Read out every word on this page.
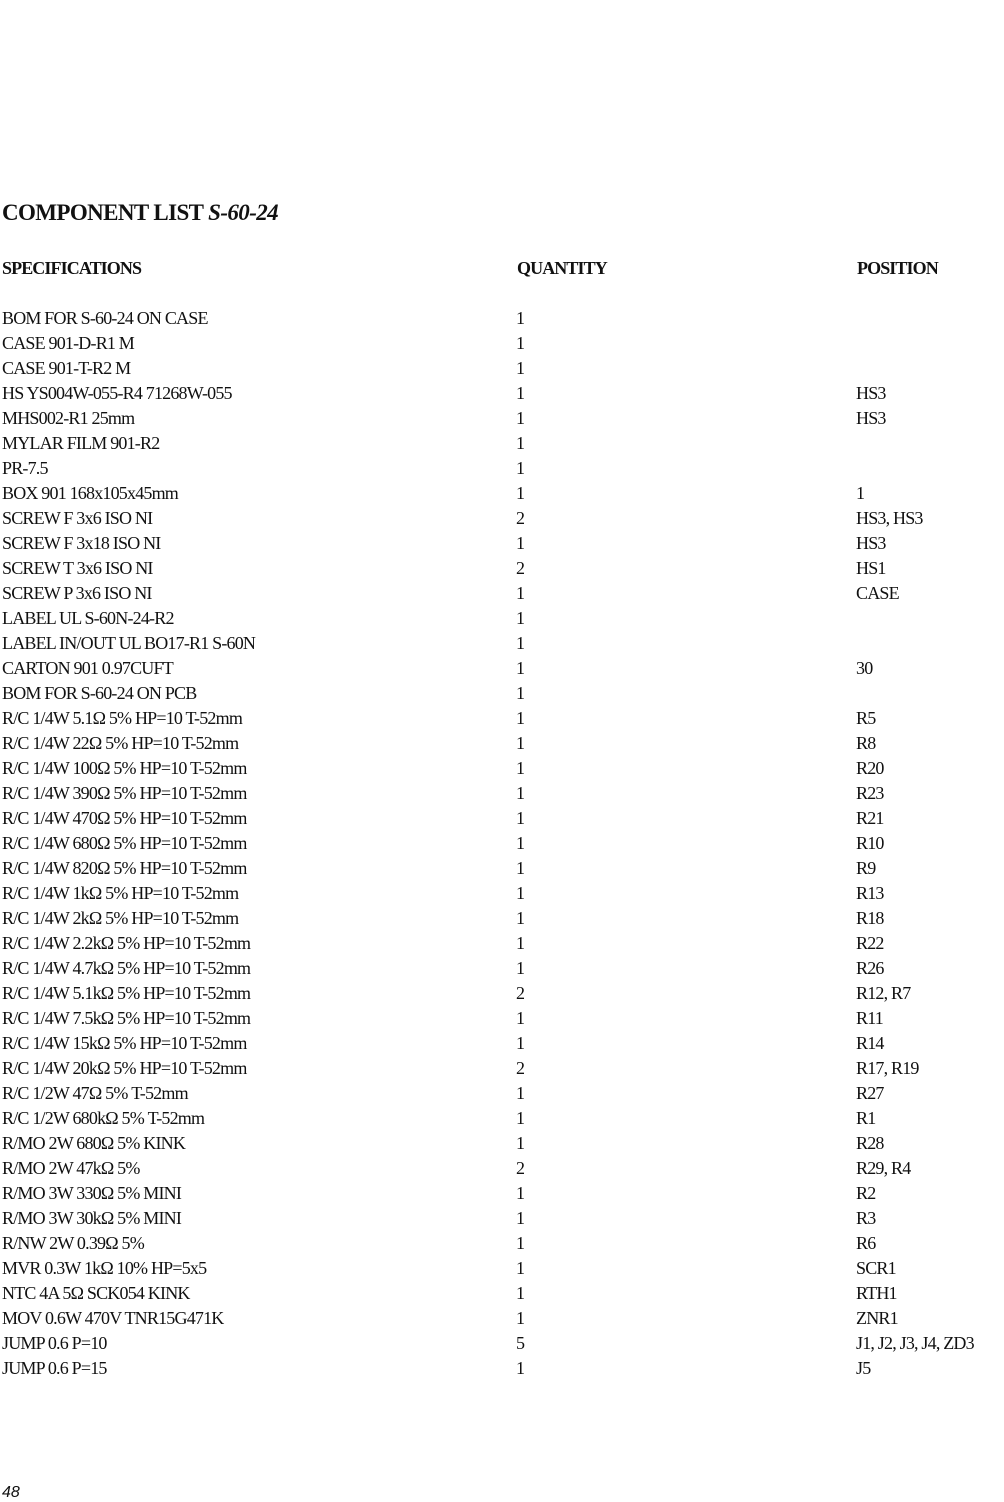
COMPONENT LIST S-60-24
SPECIFICATIONS	QUANTITY	POSITION
BOM FOR S-60-24 ON CASE	1
CASE 901-D-R1 M	1
CASE 901-T-R2 M	1
HS YS004W-055-R4 71268W-055	1	HS3
MHS002-R1 25mm	1	HS3
MYLAR FILM 901-R2	1
PR-7.5	1
BOX 901 168x105x45mm	1	1
SCREW F 3x6 ISO NI	2	HS3, HS3
SCREW F 3x18 ISO NI	1	HS3
SCREW T 3x6 ISO NI	2	HS1
SCREW P 3x6 ISO NI	1	CASE
LABEL UL S-60N-24-R2	1
LABEL IN/OUT UL BO17-R1 S-60N	1
CARTON 901 0.97CUFT	1	30
BOM FOR S-60-24 ON PCB	1
R/C 1/4W 5.1Ω 5% HP=10 T-52mm	1	R5
R/C 1/4W 22Ω 5% HP=10 T-52mm	1	R8
R/C 1/4W 100Ω 5% HP=10 T-52mm	1	R20
R/C 1/4W 390Ω 5% HP=10 T-52mm	1	R23
R/C 1/4W 470Ω 5% HP=10 T-52mm	1	R21
R/C 1/4W 680Ω 5% HP=10 T-52mm	1	R10
R/C 1/4W 820Ω 5% HP=10 T-52mm	1	R9
R/C 1/4W 1kΩ 5% HP=10 T-52mm	1	R13
R/C 1/4W 2kΩ 5% HP=10 T-52mm	1	R18
R/C 1/4W 2.2kΩ 5% HP=10 T-52mm	1	R22
R/C 1/4W 4.7kΩ 5% HP=10 T-52mm	1	R26
R/C 1/4W 5.1kΩ 5% HP=10 T-52mm	2	R12, R7
R/C 1/4W 7.5kΩ 5% HP=10 T-52mm	1	R11
R/C 1/4W 15kΩ 5% HP=10 T-52mm	1	R14
R/C 1/4W 20kΩ 5% HP=10 T-52mm	2	R17, R19
R/C 1/2W 47Ω 5% T-52mm	1	R27
R/C 1/2W 680kΩ 5% T-52mm	1	R1
R/MO 2W 680Ω 5% KINK	1	R28
R/MO 2W 47kΩ 5%	2	R29, R4
R/MO 3W 330Ω 5% MINI	1	R2
R/MO 3W 30kΩ 5% MINI	1	R3
R/NW 2W 0.39Ω 5%	1	R6
MVR 0.3W 1kΩ 10% HP=5x5	1	SCR1
NTC 4A 5Ω SCK054 KINK	1	RTH1
MOV 0.6W 470V TNR15G471K	1	ZNR1
JUMP 0.6 P=10	5	J1, J2, J3, J4, ZD3
JUMP 0.6 P=15	1	J5
48
